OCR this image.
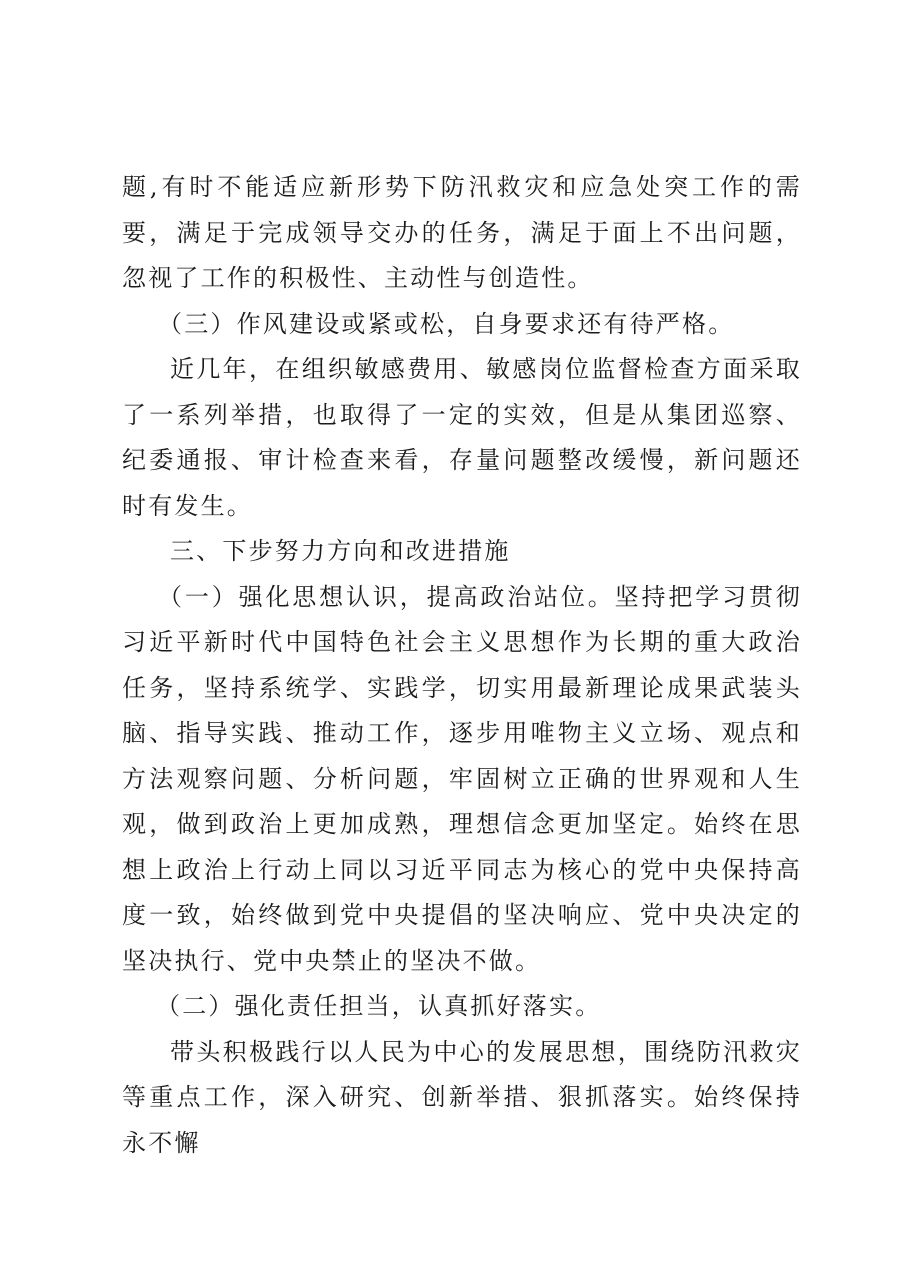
题,有时不能适应新形势下防汛救灾和应急处突工作的需要，满足于完成领导交办的任务，满足于面上不出问题，忽视了工作的积极性、主动性与创造性。

（三）作风建设或紧或松，自身要求还有待严格。

近几年，在组织敏感费用、敏感岗位监督检查方面采取了一系列举措，也取得了一定的实效，但是从集团巡察、纪委通报、审计检查来看，存量问题整改缓慢，新问题还时有发生。

三、下步努力方向和改进措施

（一）强化思想认识，提高政治站位。坚持把学习贯彻习近平新时代中国特色社会主义思想作为长期的重大政治任务，坚持系统学、实践学，切实用最新理论成果武装头脑、指导实践、推动工作，逐步用唯物主义立场、观点和方法观察问题、分析问题，牢固树立正确的世界观和人生观，做到政治上更加成熟，理想信念更加坚定。始终在思想上政治上行动上同以习近平同志为核心的党中央保持高度一致，始终做到党中央提倡的坚决响应、党中央决定的坚决执行、党中央禁止的坚决不做。

（二）强化责任担当，认真抓好落实。

带头积极践行以人民为中心的发展思想，围绕防汛救灾等重点工作，深入研究、创新举措、狠抓落实。始终保持永不懈
